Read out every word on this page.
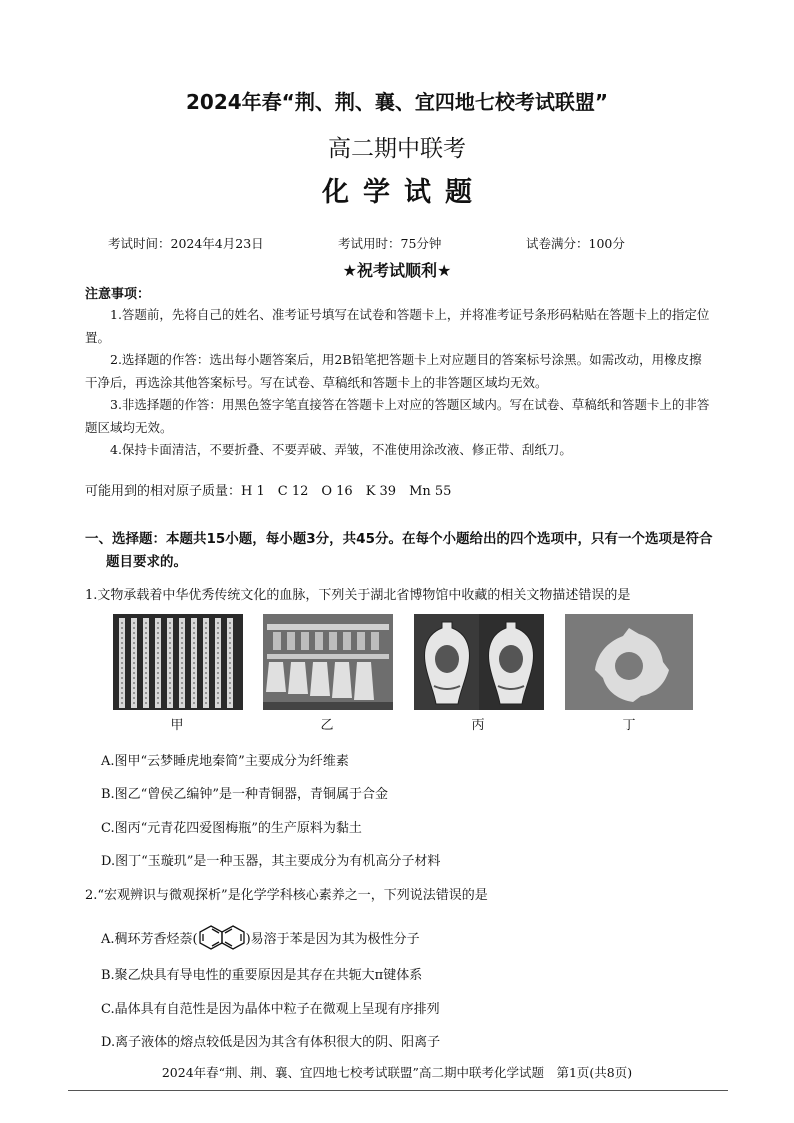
2024年春“荆、荆、襄、宜四地七校考试联盟”
高二期中联考
化学试题
考试时间：2024年4月23日	考试用时：75分钟	试卷满分：100分
★祝考试顺利★
注意事项：
1.答题前，先将自己的姓名、准考证号填写在试卷和答题卡上，并将准考证号条形码粘贴在答题卡上的指定位置。
2.选择题的作答：选出每小题答案后，用2B铅笔把答题卡上对应题目的答案标号涂黑。如需改动，用橡皮擦干净后，再选涂其他答案标号。写在试卷、草稿纸和答题卡上的非答题区域均无效。
3.非选择题的作答：用黑色签字笔直接答在答题卡上对应的答题区域内。写在试卷、草稿纸和答题卡上的非答题区域均无效。
4.保持卡面清洁，不要折叠、不要弄破、弄皱，不准使用涂改液、修正带、刮纸刀。
可能用到的相对原子质量：H 1　C 12　O 16　K 39　Mn 55
一、选择题：本题共15小题，每小题3分，共45分。在每个小题给出的四个选项中，只有一个选项是符合
题目要求的。
1.文物承载着中华优秀传统文化的血脉，下列关于湖北省博物馆中收藏的相关文物描述错误的是
甲	乙	丙	丁
A.图甲“云梦睡虎地秦简”主要成分为纤维素
B.图乙“曾侯乙编钟”是一种青铜器，青铜属于合金
C.图丙“元青花四爱图梅瓶”的生产原料为黏土
D.图丁“玉璇玑”是一种玉器，其主要成分为有机高分子材料
2.“宏观辨识与微观探析”是化学学科核心素养之一，下列说法错误的是
A.稠环芳香烃萘(	)易溶于苯是因为其为极性分子
B.聚乙炔具有导电性的重要原因是其存在共轭大π键体系
C.晶体具有自范性是因为晶体中粒子在微观上呈现有序排列
D.离子液体的熔点较低是因为其含有体积很大的阴、阳离子
2024年春“荆、荆、襄、宜四地七校考试联盟”高二期中联考化学试题　第1页(共8页)
